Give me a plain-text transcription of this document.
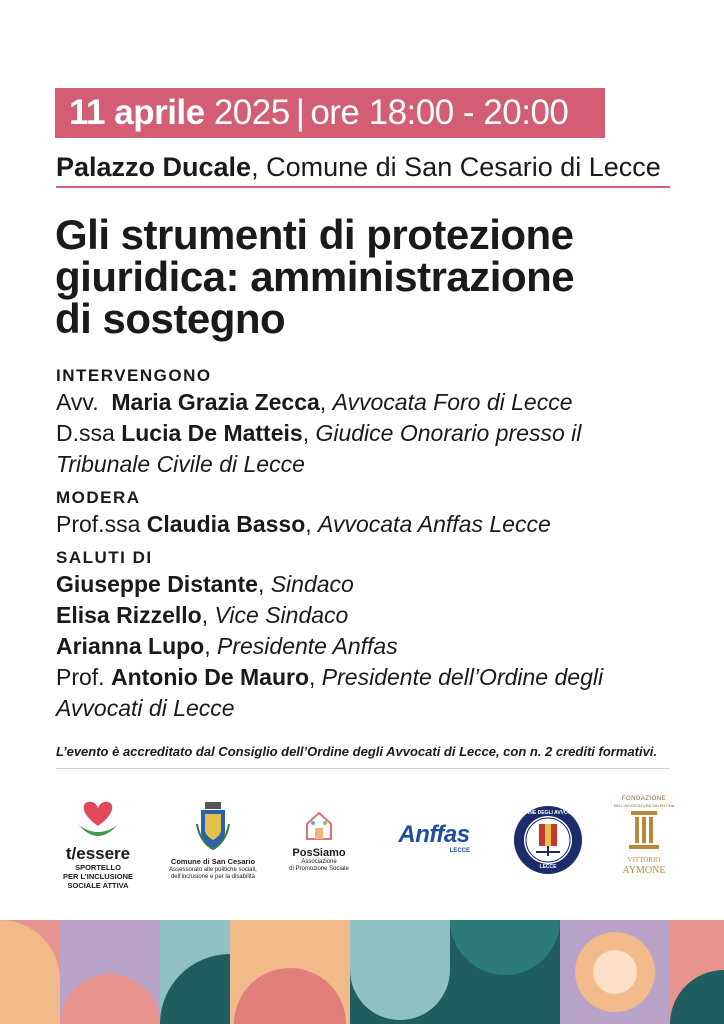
11 aprile
2025 | ore 18:00 - 20:00
Palazzo Ducale, Comune di San Cesario di Lecce
Gli strumenti di protezione
giuridica: amministrazione
di sostegno
INTERVENGONO
Avv. Maria Grazia Zecca, Avvocata Foro di Lecce
D.ssa Lucia De Matteis, Giudice Onorario presso il
Tribunale Civile di Lecce
MODERA
Prof.ssa Claudia Basso, Avvocata Anffas Lecce
SALUTI DI
Giuseppe Distante, Sindaco
Elisa Rizzello, Vice Sindaco
Arianna Lupo, Presidente Anffas
Prof. Antonio De Mauro, Presidente dell’Ordine degli
Avvocati di Lecce
L’evento è accreditato dal Consiglio dell’Ordine degli Avvocati di Lecce, con n. 2 crediti formativi.
t/essere
SPORTELLO
PER L’INCLUSIONE
SOCIALE ATTIVA
Comune di San Cesario
Assessorato alle politiche sociali,
dell’inclusione e per la disabilità
PosSiamo
Associazione
di Promozione Sociale
Anffas
LECCE
ORDINE DEGLI AVVOCATI
LECCE
FONDAZIONE
DELL’AVVOCATURA SALENTINA
VITTORIO
AYMONE
